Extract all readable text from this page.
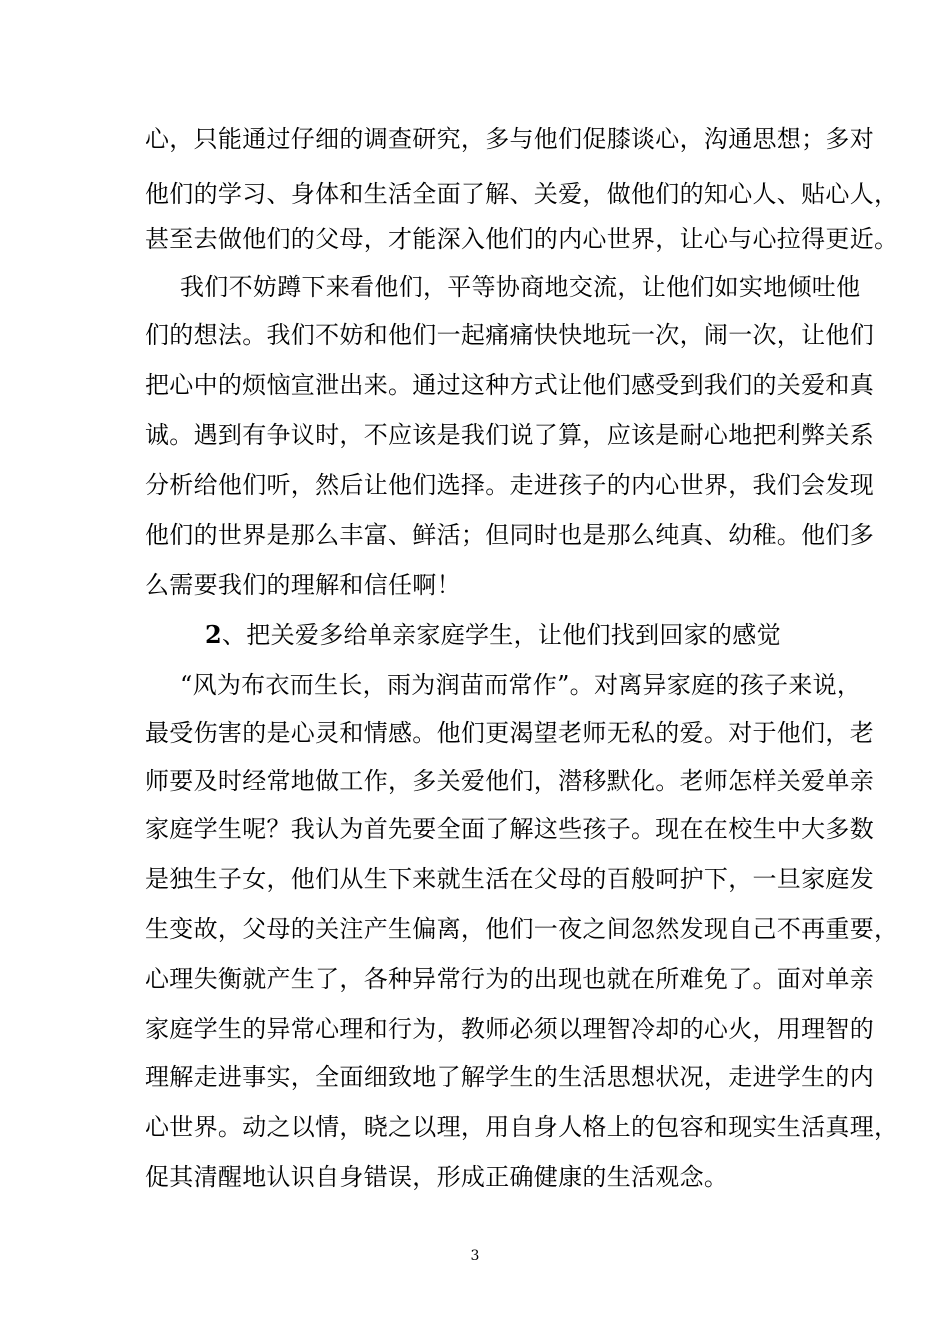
心，只能通过仔细的调查研究，多与他们促膝谈心，沟通思想；多对
他们的学习、身体和生活全面了解、关爱，做他们的知心人、贴心人，
甚至去做他们的父母，才能深入他们的内心世界，让心与心拉得更近。
我们不妨蹲下来看他们，平等协商地交流，让他们如实地倾吐他
们的想法。我们不妨和他们一起痛痛快快地玩一次，闹一次，让他们
把心中的烦恼宣泄出来。通过这种方式让他们感受到我们的关爱和真
诚。遇到有争议时，不应该是我们说了算，应该是耐心地把利弊关系
分析给他们听，然后让他们选择。走进孩子的内心世界，我们会发现
他们的世界是那么丰富、鲜活；但同时也是那么纯真、幼稚。他们多
么需要我们的理解和信任啊！
2、把关爱多给单亲家庭学生，让他们找到回家的感觉
“风为布衣而生长，雨为润苗而常作”。对离异家庭的孩子来说，
最受伤害的是心灵和情感。他们更渴望老师无私的爱。对于他们，老
师要及时经常地做工作，多关爱他们，潜移默化。老师怎样关爱单亲
家庭学生呢？我认为首先要全面了解这些孩子。现在在校生中大多数
是独生子女，他们从生下来就生活在父母的百般呵护下，一旦家庭发
生变故，父母的关注产生偏离，他们一夜之间忽然发现自己不再重要，
心理失衡就产生了，各种异常行为的出现也就在所难免了。面对单亲
家庭学生的异常心理和行为，教师必须以理智冷却的心火，用理智的
理解走进事实，全面细致地了解学生的生活思想状况，走进学生的内
心世界。动之以情，晓之以理，用自身人格上的包容和现实生活真理，
促其清醒地认识自身错误，形成正确健康的生活观念。
3
